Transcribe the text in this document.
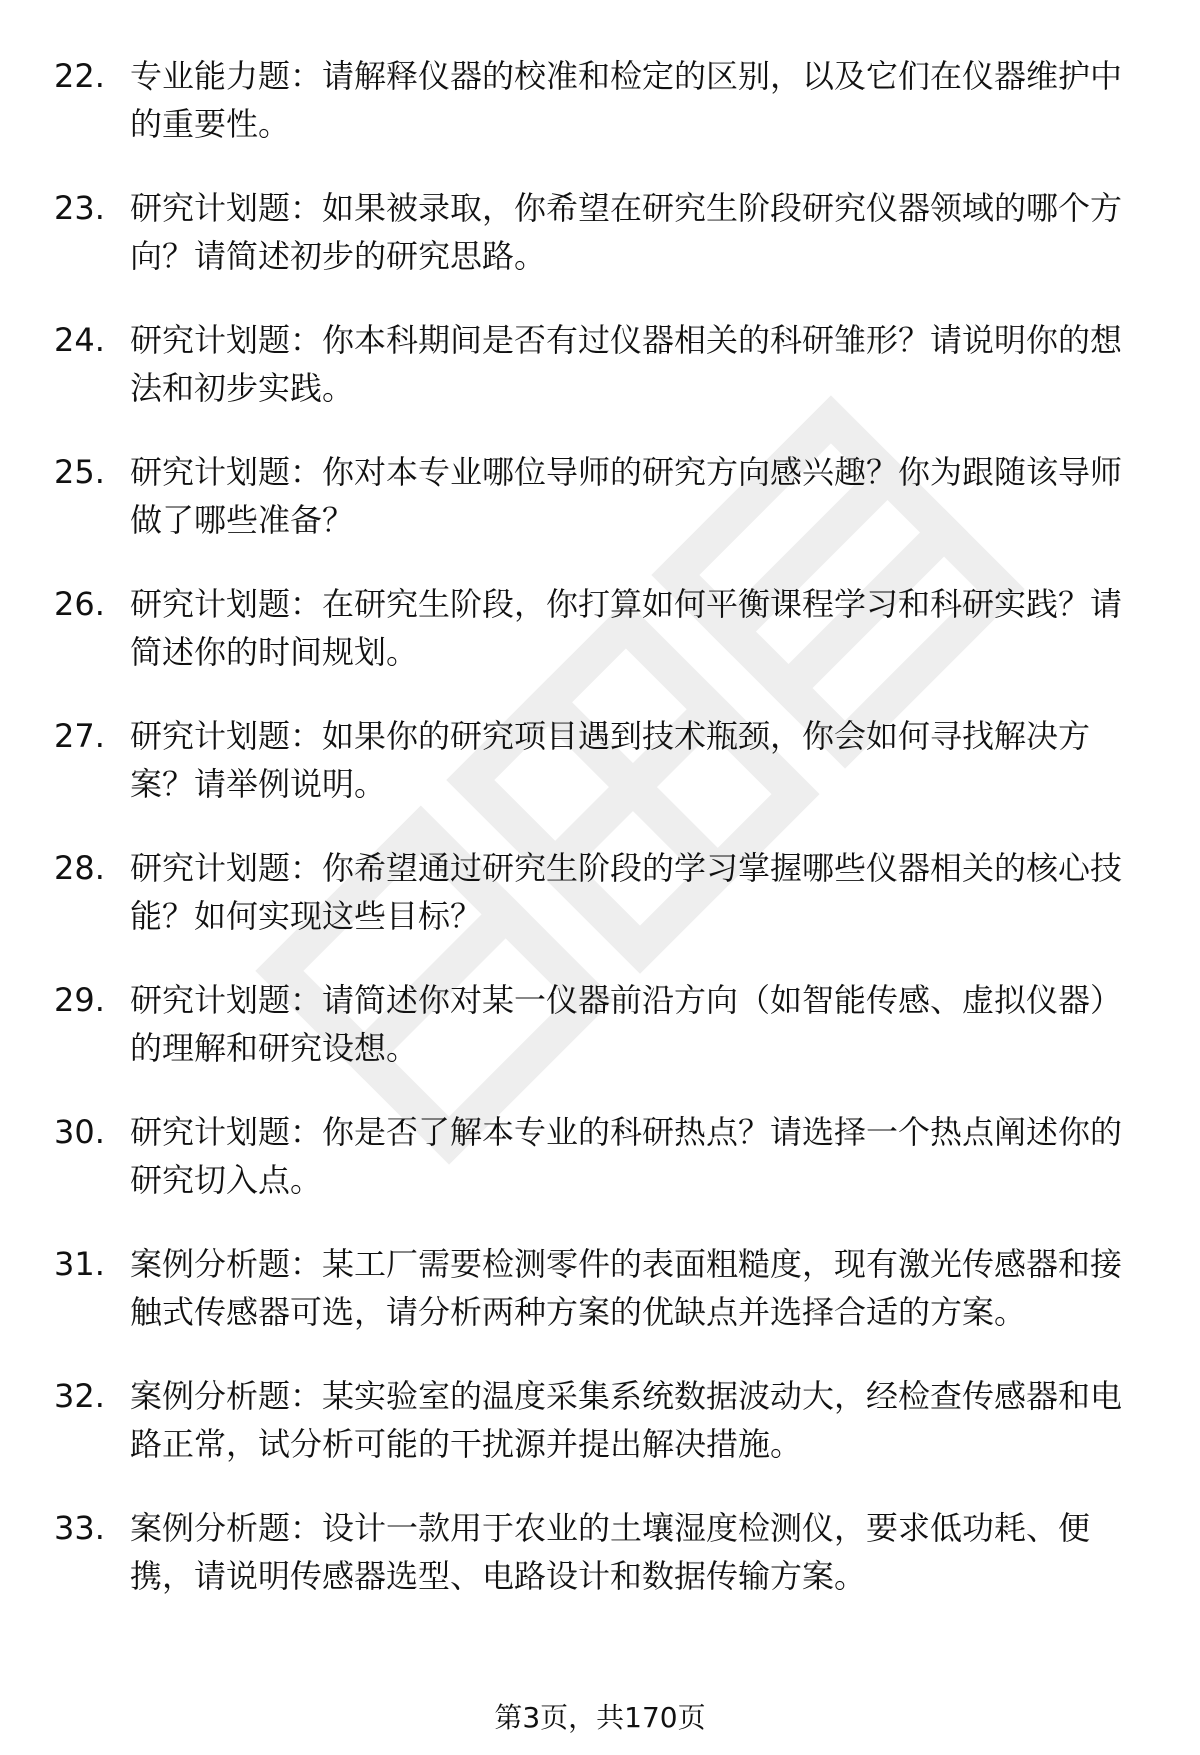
22. 专业能力题：请解释仪器的校准和检定的区别，以及它们在仪器维护中的重要性。
23. 研究计划题：如果被录取，你希望在研究生阶段研究仪器领域的哪个方向？请简述初步的研究思路。
24. 研究计划题：你本科期间是否有过仪器相关的科研雏形？请说明你的想法和初步实践。
25. 研究计划题：你对本专业哪位导师的研究方向感兴趣？你为跟随该导师做了哪些准备？
26. 研究计划题：在研究生阶段，你打算如何平衡课程学习和科研实践？请简述你的时间规划。
27. 研究计划题：如果你的研究项目遇到技术瓶颈，你会如何寻找解决方案？请举例说明。
28. 研究计划题：你希望通过研究生阶段的学习掌握哪些仪器相关的核心技能？如何实现这些目标？
29. 研究计划题：请简述你对某一仪器前沿方向（如智能传感、虚拟仪器）的理解和研究设想。
30. 研究计划题：你是否了解本专业的科研热点？请选择一个热点阐述你的研究切入点。
31. 案例分析题：某工厂需要检测零件的表面粗糙度，现有激光传感器和接触式传感器可选，请分析两种方案的优缺点并选择合适的方案。
32. 案例分析题：某实验室的温度采集系统数据波动大，经检查传感器和电路正常，试分析可能的干扰源并提出解决措施。
33. 案例分析题：设计一款用于农业的土壤湿度检测仪，要求低功耗、便携，请说明传感器选型、电路设计和数据传输方案。
第3页，共170页
